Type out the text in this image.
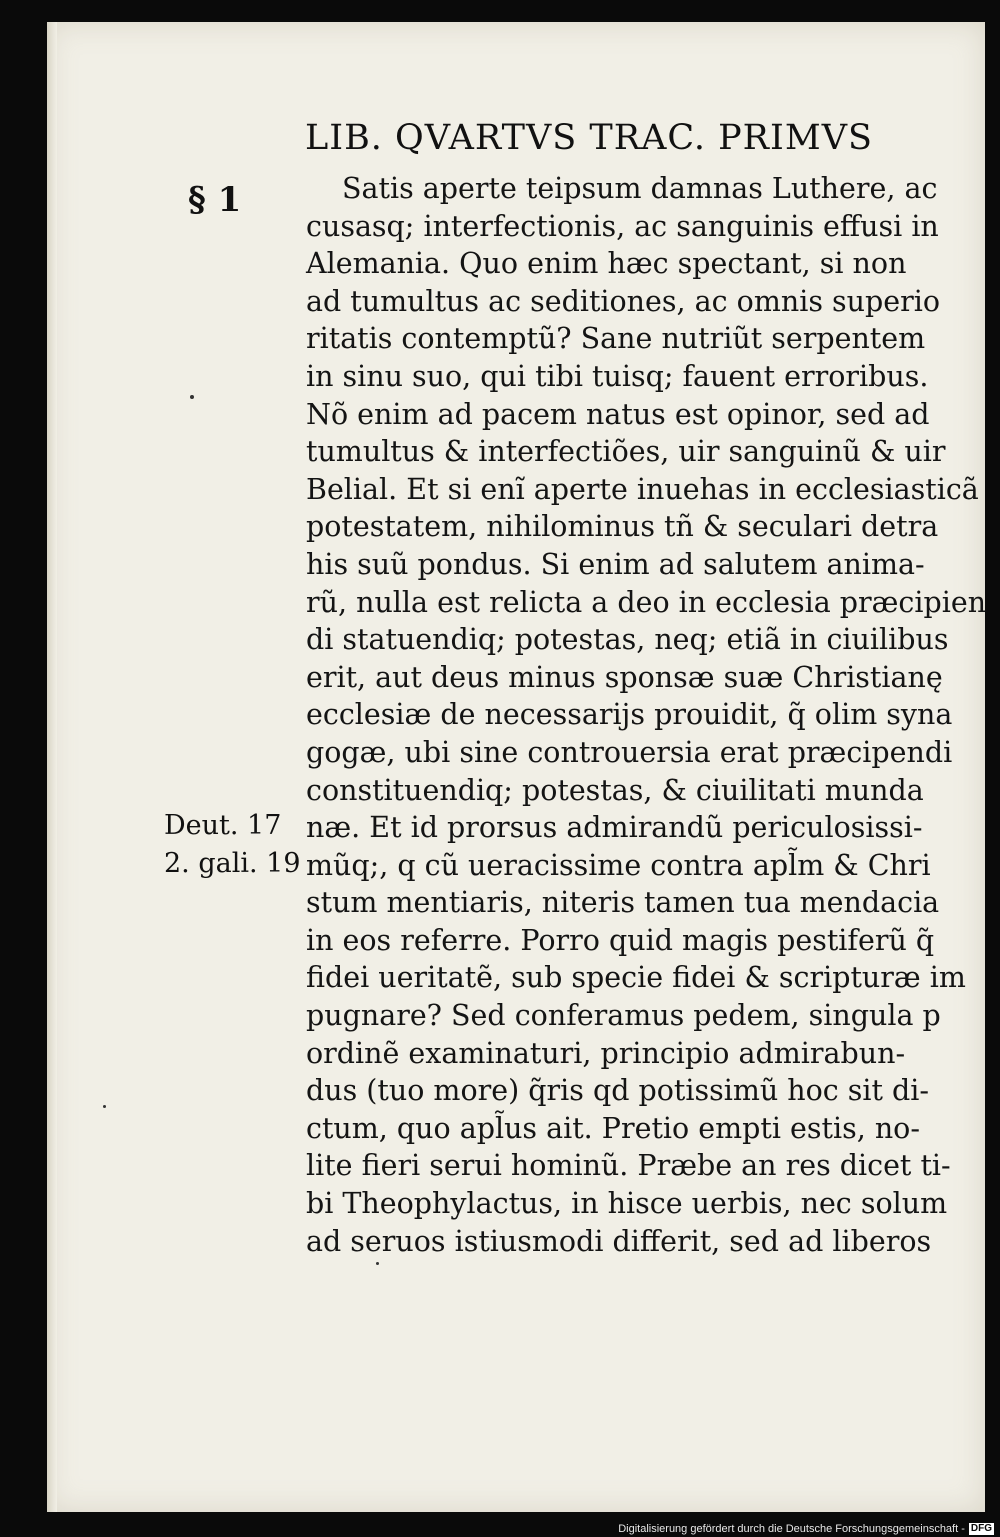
LIB. QVARTVS TRAC. PRIMVS
§ 1
Deut. 17
2. gali. 19
Satis aperte teipsum damnas Luthere, ac
cusasq; interfectionis, ac sanguinis effusi in
Alemania. Quo enim hæc spectant, si non
ad tumultus ac seditiones, ac omnis superio
ritatis contemptũ? Sane nutriũt serpentem
in sinu suo, qui tibi tuisq; fauent erroribus.
Nõ enim ad pacem natus est opinor, sed ad
tumultus & interfectiões, uir sanguinũ & uir
Belial. Et si enĩ aperte inuehas in ecclesiasticã
potestatem, nihilominus tñ & seculari detra
his suũ pondus. Si enim ad salutem anima-
rũ, nulla est relicta a deo in ecclesia præcipien
di statuendiq; potestas, neq; etiã in ciuilibus
erit, aut deus minus sponsæ suæ Christianę
ecclesiæ de necessarijs prouidit, q̃ olim syna
gogæ, ubi sine controuersia erat præcipendi
constituendiq; potestas, & ciuilitati munda
næ. Et id prorsus admirandũ periculosissi-
mũq;, q cũ ueracissime contra apl̃m & Chri
stum mentiaris, niteris tamen tua mendacia
in eos referre. Porro quid magis pestiferũ q̃
fidei ueritatẽ, sub specie fidei & scripturæ im
pugnare? Sed conferamus pedem, singula p
ordinẽ examinaturi, principio admirabun-
dus (tuo more) q̃ris qd potissimũ hoc sit di-
ctum, quo apl̃us ait. Pretio empti estis, no-
lite fieri serui hominũ. Præbe an res dicet ti-
bi Theophylactus, in hisce uerbis, nec solum
ad seruos istiusmodi differit, sed ad liberos
Digitalisierung gefördert durch die Deutsche Forschungsgemeinschaft - DFG
